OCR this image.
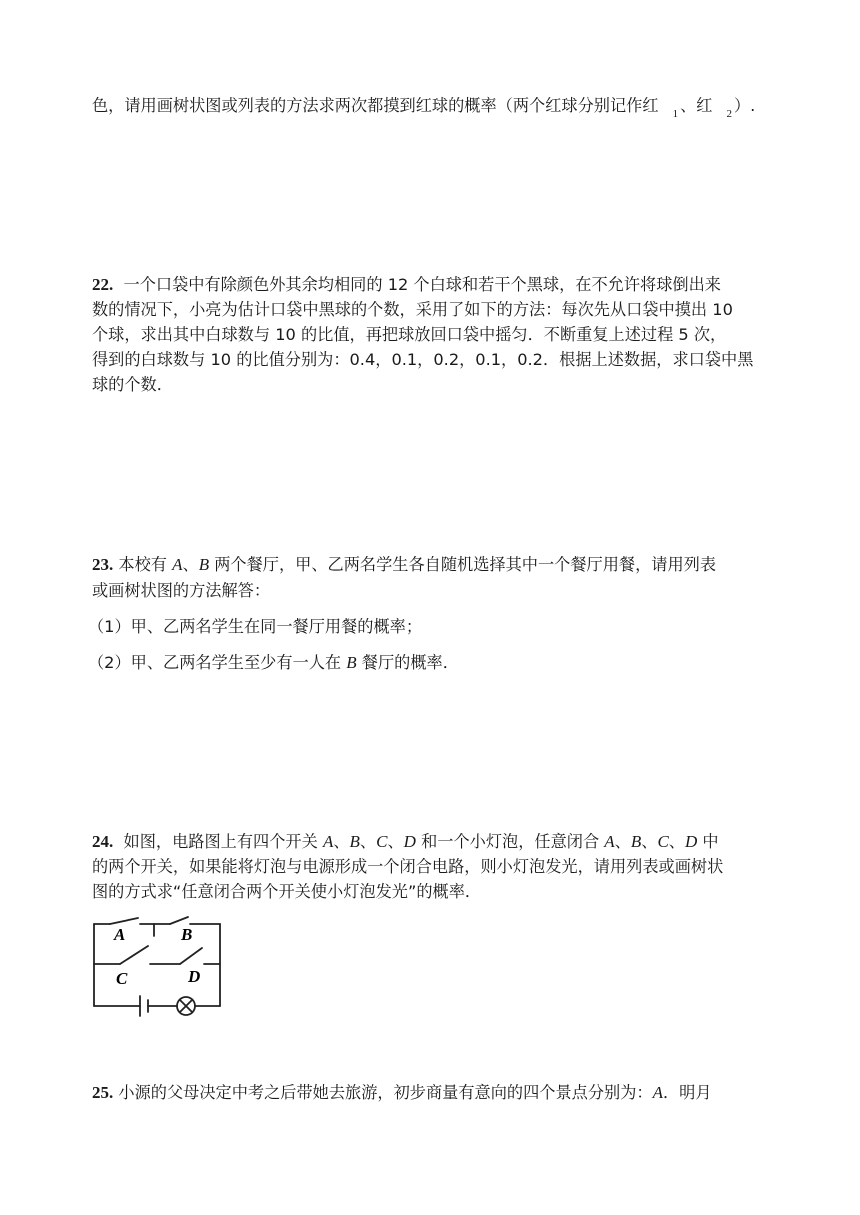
色，请用画树状图或列表的方法求两次都摸到红球的概率（两个红球分别记作红 $_1$ 、红 $_2$ ）.

22. 一个口袋中有除颜色外其余均相同的 12 个白球和若干个黑球，在不允许将球倒出来

数的情况下，小亮为估计口袋中黑球的个数，采用了如下的方法：每次先从口袋中摸出 10

个球，求出其中白球数与 10 的比值，再把球放回口袋中摇匀．不断重复上述过程 5 次，

得到的白球数与 10 的比值分别为：0.4，0.1，0.2，0.1，0.2．根据上述数据，求口袋中黑

球的个数．

23. 本校有 A、B 两个餐厅，甲、乙两名学生各自随机选择其中一个餐厅用餐，请用列表

或画树状图的方法解答：

（1）甲、乙两名学生在同一餐厅用餐的概率；

（2）甲、乙两名学生至少有一人在 B 餐厅的概率．

24. 如图，电路图上有四个开关 A、B、C、D 和一个小灯泡，任意闭合 A、B、C、D 中

的两个开关，如果能将灯泡与电源形成一个闭合电路，则小灯泡发光，请用列表或画树状

图的方式求“任意闭合两个开关使小灯泡发光”的概率．

A	B
C	D

25. 小源的父母决定中考之后带她去旅游，初步商量有意向的四个景点分别为：A．明月
